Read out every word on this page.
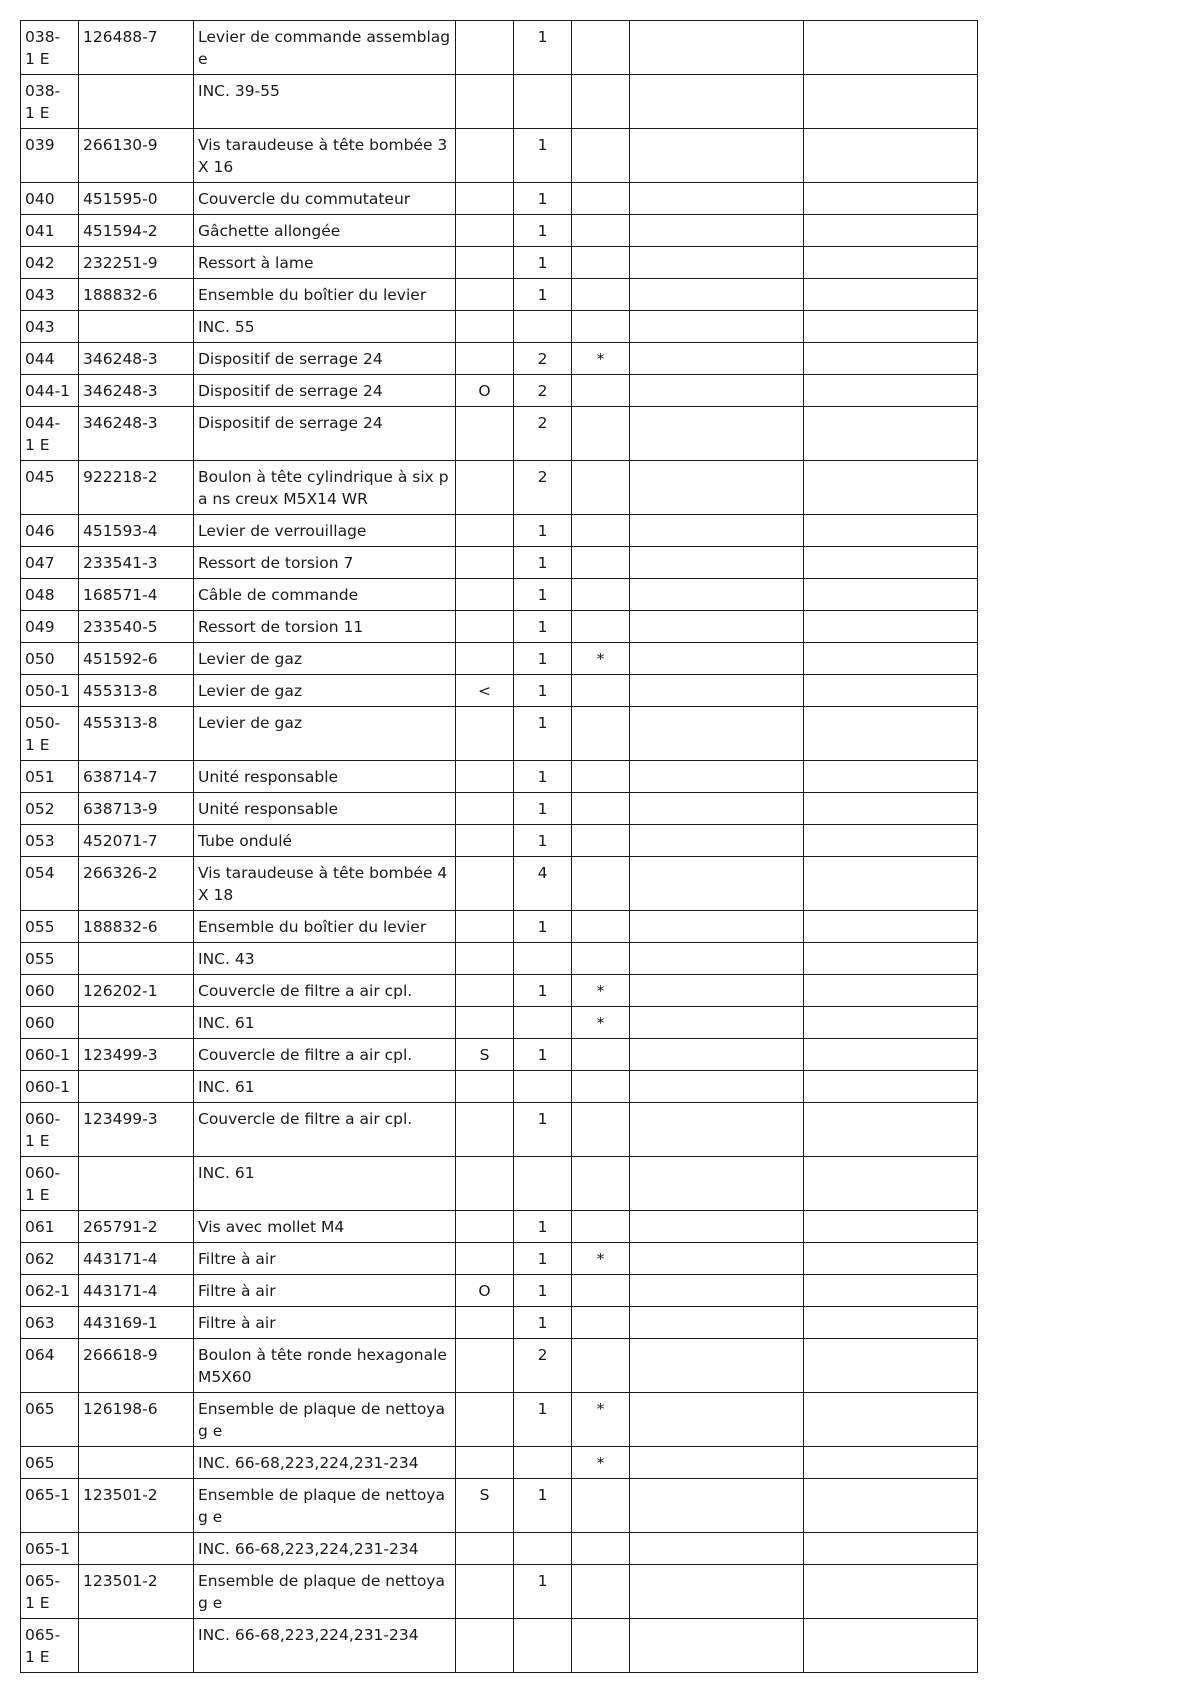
038-1 E	126488-7	Levier de commande assemblag e		1			
038-1 E		INC. 39-55					
039	266130-9	Vis taraudeuse à tête bombée 3X 16		1			
040	451595-0	Couvercle du commutateur		1			
041	451594-2	Gâchette allongée		1			
042	232251-9	Ressort à lame		1			
043	188832-6	Ensemble du boîtier du levier		1			
043		INC. 55					
044	346248-3	Dispositif de serrage 24		2	*		
044-1	346248-3	Dispositif de serrage 24	O	2			
044-1 E	346248-3	Dispositif de serrage 24		2			
045	922218-2	Boulon à tête cylindrique à six pa ns creux M5X14 WR		2			
046	451593-4	Levier de verrouillage		1			
047	233541-3	Ressort de torsion 7		1			
048	168571-4	Câble de commande		1			
049	233540-5	Ressort de torsion 11		1			
050	451592-6	Levier de gaz		1	*		
050-1	455313-8	Levier de gaz	<	1			
050-1 E	455313-8	Levier de gaz		1			
051	638714-7	Unité responsable		1			
052	638713-9	Unité responsable		1			
053	452071-7	Tube ondulé		1			
054	266326-2	Vis taraudeuse à tête bombée 4X 18		4			
055	188832-6	Ensemble du boîtier du levier		1			
055		INC. 43					
060	126202-1	Couvercle de filtre a air cpl.		1	*		
060		INC. 61			*		
060-1	123499-3	Couvercle de filtre a air cpl.	S	1			
060-1		INC. 61					
060-1 E	123499-3	Couvercle de filtre a air cpl.		1			
060-1 E		INC. 61					
061	265791-2	Vis avec mollet M4		1			
062	443171-4	Filtre à air		1	*		
062-1	443171-4	Filtre à air	O	1			
063	443169-1	Filtre à air		1			
064	266618-9	Boulon à tête ronde hexagonale M5X60		2			
065	126198-6	Ensemble de plaque de nettoyag e		1	*		
065		INC. 66-68,223,224,231-234			*		
065-1	123501-2	Ensemble de plaque de nettoyag e	S	1			
065-1		INC. 66-68,223,224,231-234					
065-1 E	123501-2	Ensemble de plaque de nettoyag e		1			
065-1 E		INC. 66-68,223,224,231-234					
